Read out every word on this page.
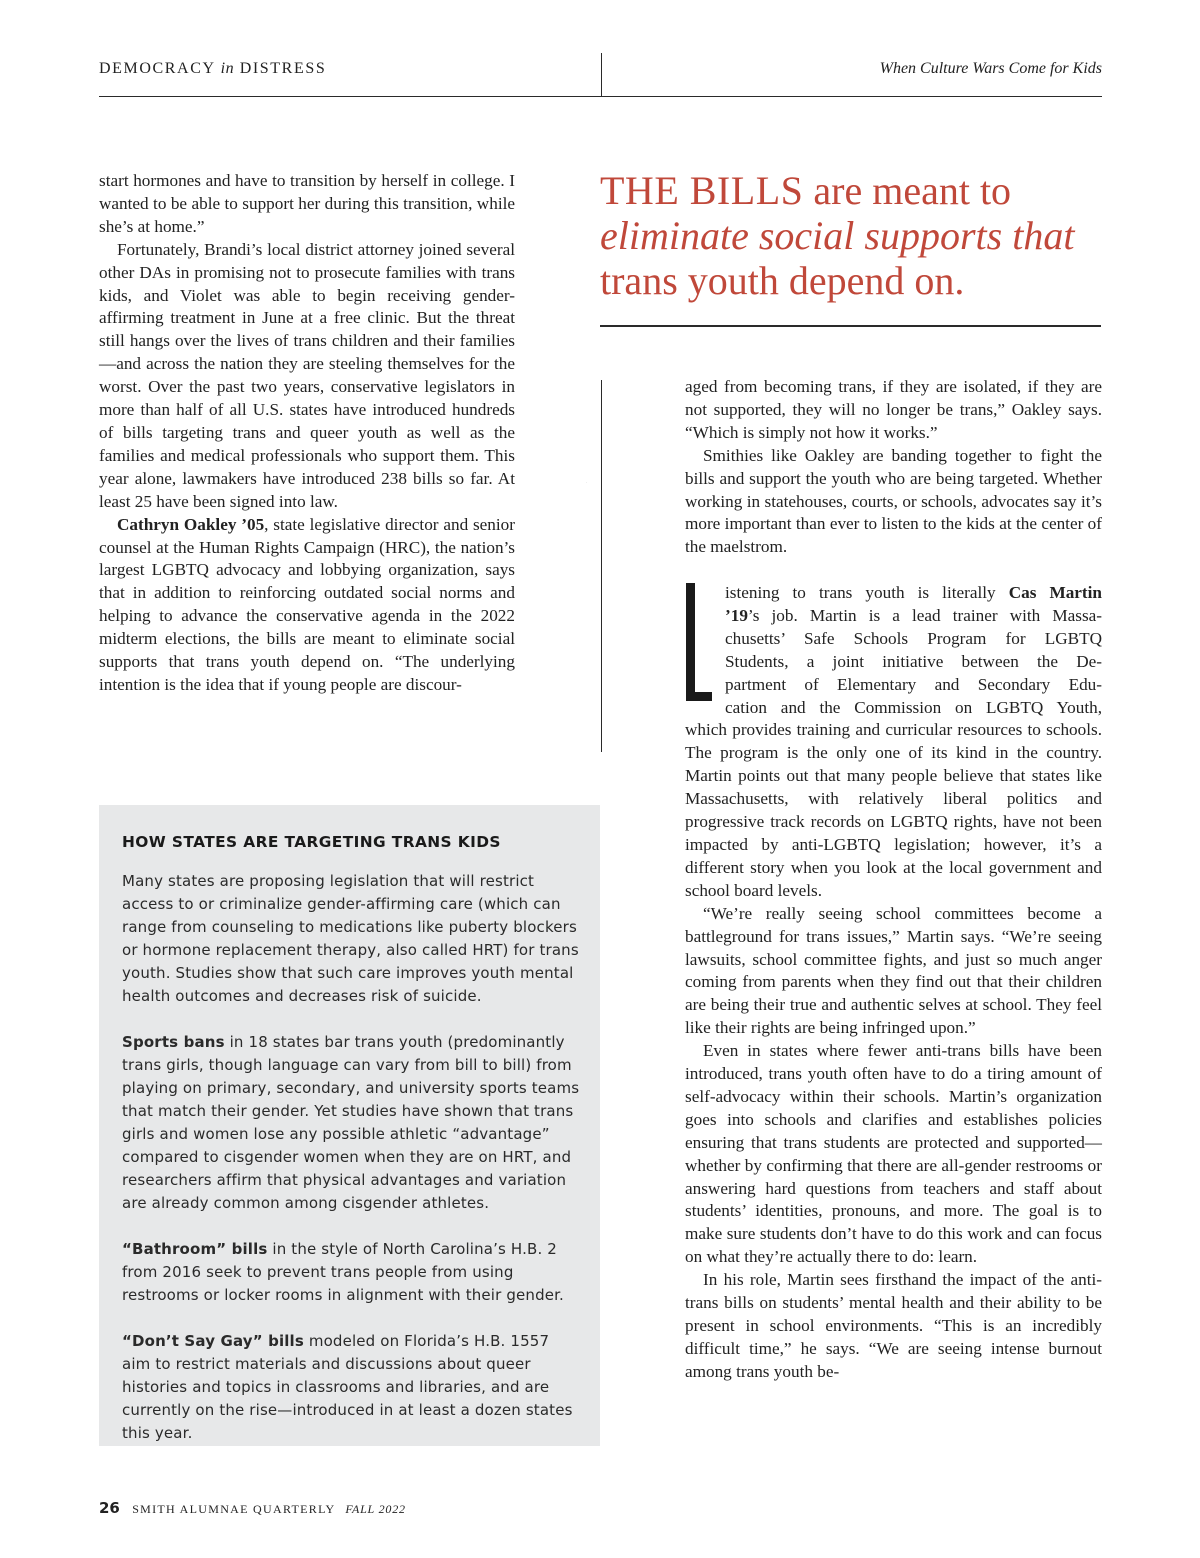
DEMOCRACY in DISTRESS	When Culture Wars Come for Kids

start hormones and have to transition by herself in college. I wanted to be able to support her during this transition, while she’s at home.”

Fortunately, Brandi’s local district attorney joined several other DAs in promising not to prosecute families with trans kids, and Violet was able to begin receiving gender-affirming treatment in June at a free clinic. But the threat still hangs over the lives of trans children and their families—and across the nation they are steeling themselves for the worst. Over the past two years, conservative legislators in more than half of all U.S. states have introduced hundreds of bills targeting trans and queer youth as well as the families and medical professionals who support them. This year alone, lawmakers have introduced 238 bills so far. At least 25 have been signed into law.

Cathryn Oakley ’05, state legislative director and senior counsel at the Human Rights Campaign (HRC), the nation’s largest LGBTQ advocacy and lobbying organization, says that in addition to reinforcing outdated social norms and helping to advance the conservative agenda in the 2022 midterm elections, the bills are meant to eliminate social supports that trans youth depend on. “The underlying intention is the idea that if young people are discour-

THE BILLS are meant to
eliminate social supports that
trans youth depend on.

aged from becoming trans, if they are isolated, if they are not supported, they will no longer be trans,” Oakley says. “Which is simply not how it works.”

Smithies like Oakley are banding together to fight the bills and support the youth who are being targeted. Whether working in statehouses, courts, or schools, advocates say it’s more important than ever to listen to the kids at the center of the maelstrom.

L
istening to trans youth is literally Cas Martin
’19’s job. Martin is a lead trainer with Massa-
chusetts’ Safe Schools Program for LGBTQ
Students, a joint initiative between the De-
partment of Elementary and Secondary Edu-
cation and the Commission on LGBTQ Youth,

which provides training and curricular resources to schools. The program is the only one of its kind in the country. Martin points out that many people believe that states like Massachusetts, with relatively liberal politics and progressive track records on LGBTQ rights, have not been impacted by anti-LGBTQ legislation; however, it’s a different story when you look at the local government and school board levels.

“We’re really seeing school committees become a battleground for trans issues,” Martin says. “We’re seeing lawsuits, school committee fights, and just so much anger coming from parents when they find out that their children are being their true and authentic selves at school. They feel like their rights are being infringed upon.”

Even in states where fewer anti-trans bills have been introduced, trans youth often have to do a tiring amount of self-advocacy within their schools. Martin’s organization goes into schools and clarifies and establishes policies ensuring that trans students are protected and supported—whether by confirming that there are all-gender restrooms or answering hard questions from teachers and staff about students’ identities, pronouns, and more. The goal is to make sure students don’t have to do this work and can focus on what they’re actually there to do: learn.

In his role, Martin sees firsthand the impact of the anti-trans bills on students’ mental health and their ability to be present in school environments. “This is an incredibly difficult time,” he says. “We are seeing intense burnout among trans youth be-

HOW STATES ARE TARGETING TRANS KIDS

Many states are proposing legislation that will restrict access to or criminalize gender-affirming care (which can range from counseling to medications like puberty blockers or hormone replacement therapy, also called HRT) for trans youth. Studies show that such care improves youth mental health outcomes and decreases risk of suicide.

Sports bans in 18 states bar trans youth (predominantly trans girls, though language can vary from bill to bill) from playing on primary, secondary, and university sports teams that match their gender. Yet studies have shown that trans girls and women lose any possible athletic “advantage” compared to cisgender women when they are on HRT, and researchers affirm that physical advantages and variation are already common among cisgender athletes.

“Bathroom” bills in the style of North Carolina’s H.B. 2 from 2016 seek to prevent trans people from using restrooms or locker rooms in alignment with their gender.

“Don’t Say Gay” bills modeled on Florida’s H.B. 1557 aim to restrict materials and discussions about queer histories and topics in classrooms and libraries, and are currently on the rise—introduced in at least a dozen states this year.

26 SMITH ALUMNAE QUARTERLY FALL 2022
